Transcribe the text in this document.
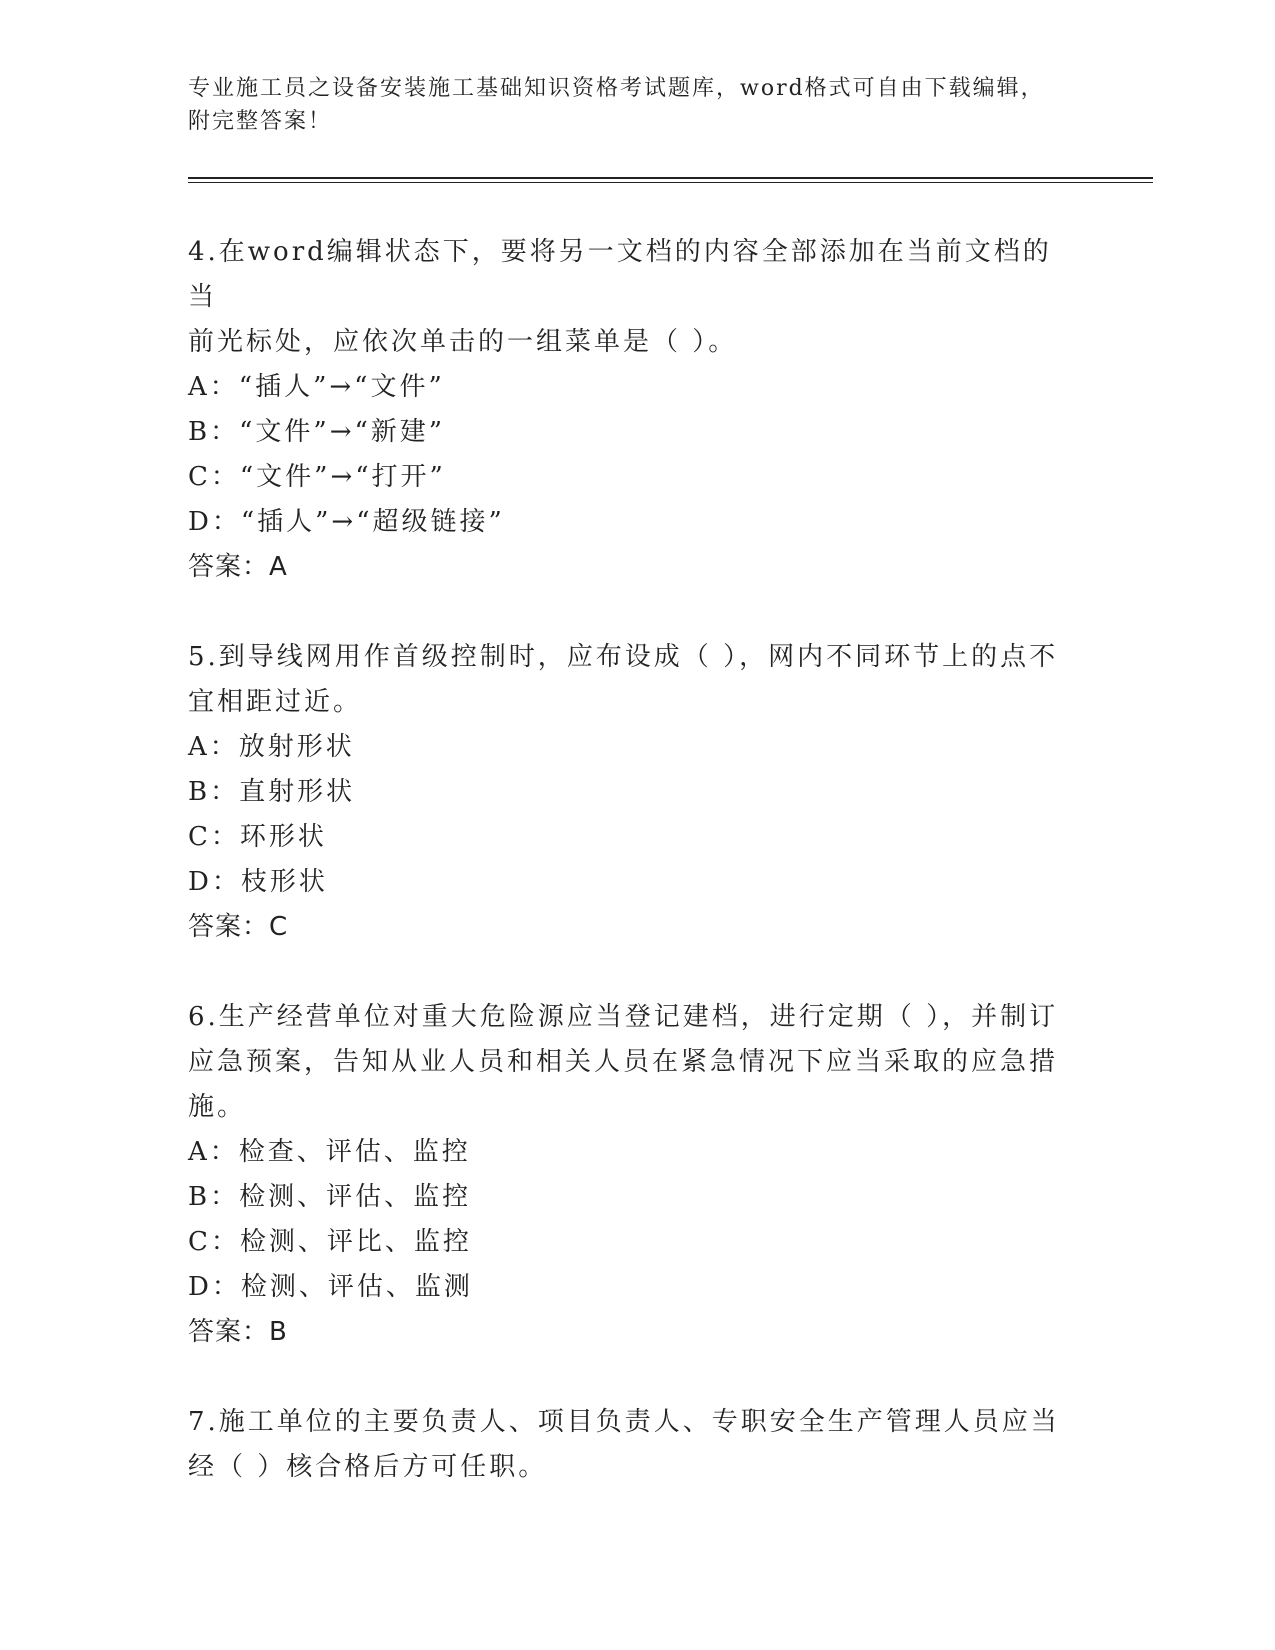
专业施工员之设备安装施工基础知识资格考试题库，word格式可自由下载编辑，
附完整答案！

4.在word编辑状态下，要将另一文档的内容全部添加在当前文档的当

前光标处，应依次单击的一组菜单是（ ）。

A：“插人”→“文件”

B：“文件”→“新建”

C：“文件”→“打开”

D：“插人”→“超级链接”

答案：A

5.到导线网用作首级控制时，应布设成（ ），网内不同环节上的点不

宜相距过近。

A：放射形状

B：直射形状

C：环形状

D：枝形状

答案：C

6.生产经营单位对重大危险源应当登记建档，进行定期（ ），并制订

应急预案，告知从业人员和相关人员在紧急情况下应当采取的应急措

施。

A：检查、评估、监控

B：检测、评估、监控

C：检测、评比、监控

D：检测、评估、监测

答案：B

7.施工单位的主要负责人、项目负责人、专职安全生产管理人员应当

经（ ）核合格后方可任职。
